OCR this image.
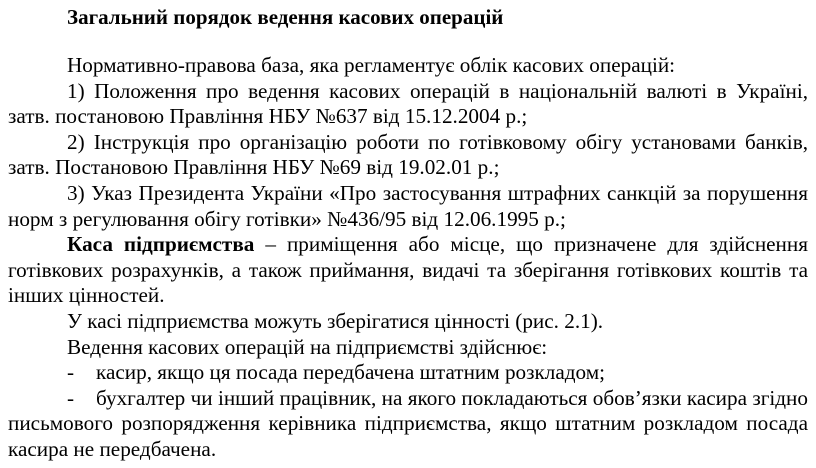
Загальний порядок ведення касових операцій

Нормативно-правова база, яка регламентує облік касових операцій:

1) Положення про ведення касових операцій в національній валюті в Україні, затв. постановою Правління НБУ №637 від 15.12.2004 р.;

2) Інструкція про організацію роботи по готівковому обігу установами банків, затв. Постановою Правління НБУ №69 від 19.02.01 р.;

3) Указ Президента України «Про застосування штрафних санкцій за порушення норм з регулювання обігу готівки» №436/95 від 12.06.1995 р.;

Каса підприємства – приміщення або місце, що призначене для здійснення готівкових розрахунків, а також приймання, видачі та зберігання готівкових коштів та інших цінностей.

У касі підприємства можуть зберігатися цінності (рис. 2.1).

Ведення касових операцій на підприємстві здійснює:

- касир, якщо ця посада передбачена штатним розкладом;

- бухгалтер чи інший працівник, на якого покладаються обов’язки касира згідно письмового розпорядження керівника підприємства, якщо штатним розкладом посада касира не передбачена.
